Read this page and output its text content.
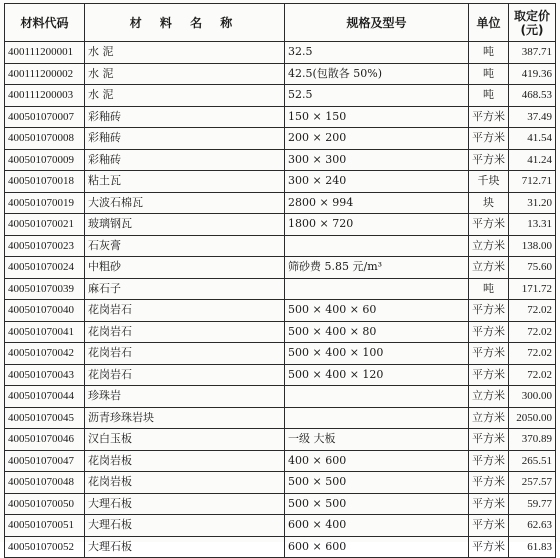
材料代码	材 料 名 称	规格及型号	单位	取定价
(元)
400111200001	水 泥	32.5	吨	387.71
400111200002	水 泥	42.5(包散各 50%)	吨	419.36
400111200003	水 泥	52.5	吨	468.53
400501070007	彩釉砖	150 × 150	平方米	37.49
400501070008	彩釉砖	200 × 200	平方米	41.54
400501070009	彩釉砖	300 × 300	平方米	41.24
400501070018	粘土瓦	300 × 240	千块	712.71
400501070019	大波石棉瓦	2800 × 994	块	31.20
400501070021	玻璃钢瓦	1800 × 720	平方米	13.31
400501070023	石灰膏		立方米	138.00
400501070024	中粗砂	筛砂费 5.85 元/m³	立方米	75.60
400501070039	麻石子		吨	171.72
400501070040	花岗岩石	500 × 400 × 60	平方米	72.02
400501070041	花岗岩石	500 × 400 × 80	平方米	72.02
400501070042	花岗岩石	500 × 400 × 100	平方米	72.02
400501070043	花岗岩石	500 × 400 × 120	平方米	72.02
400501070044	珍珠岩		立方米	300.00
400501070045	沥青珍珠岩块		立方米	2050.00
400501070046	汉白玉板	一级 大板	平方米	370.89
400501070047	花岗岩板	400 × 600	平方米	265.51
400501070048	花岗岩板	500 × 500	平方米	257.57
400501070050	大理石板	500 × 500	平方米	59.77
400501070051	大理石板	600 × 400	平方米	62.63
400501070052	大理石板	600 × 600	平方米	61.83
